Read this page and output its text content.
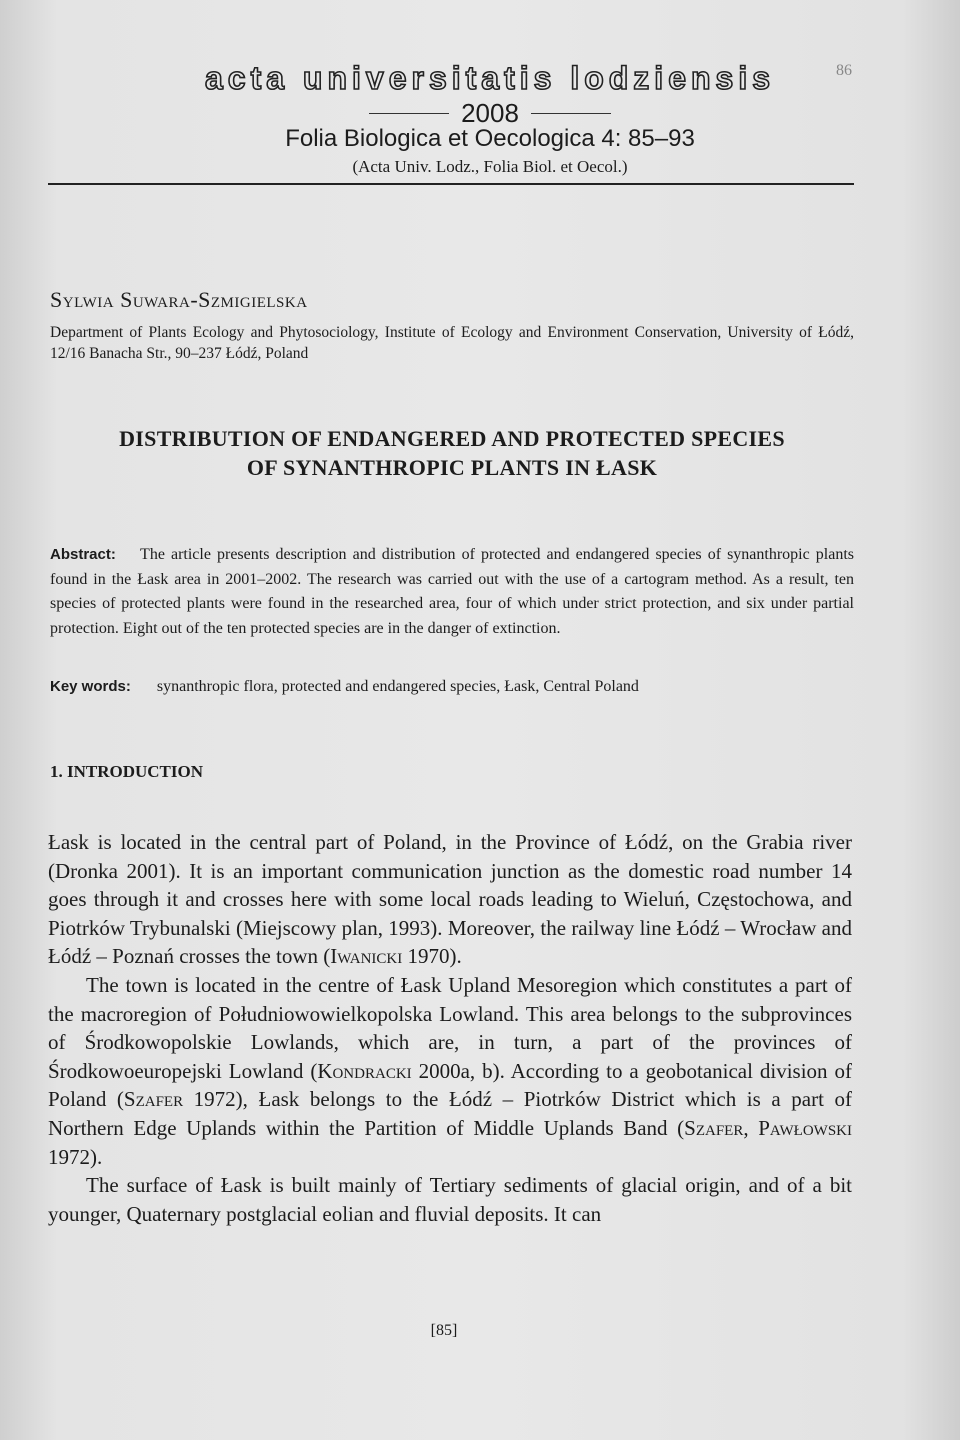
86
acta universitatis lodziensis
2008
Folia Biologica et Oecologica 4: 85–93
(Acta Univ. Lodz., Folia Biol. et Oecol.)
Sylwia Suwara-Szmigielska
Department of Plants Ecology and Phytosociology, Institute of Ecology and Environment Conservation, University of Łódź, 12/16 Banacha Str., 90–237 Łódź, Poland
DISTRIBUTION OF ENDANGERED AND PROTECTED SPECIES
OF SYNANTHROPIC PLANTS IN ŁASK
Abstract: The article presents description and distribution of protected and endangered species of synanthropic plants found in the Łask area in 2001–2002. The research was carried out with the use of a cartogram method. As a result, ten species of protected plants were found in the researched area, four of which under strict protection, and six under partial protection. Eight out of the ten protected species are in the danger of extinction.
Key words: synanthropic flora, protected and endangered species, Łask, Central Poland
1. INTRODUCTION

Łask is located in the central part of Poland, in the Province of Łódź, on the Grabia river (Dronka 2001). It is an important communication junction as the domestic road number 14 goes through it and crosses here with some local roads leading to Wieluń, Częstochowa, and Piotrków Trybunalski (Miejscowy plan, 1993). Moreover, the railway line Łódź – Wrocław and Łódź – Poznań crosses the town (Iwanicki 1970).

The town is located in the centre of Łask Upland Mesoregion which constitutes a part of the macroregion of Południowowielkopolska Lowland. This area belongs to the subprovinces of Środkowopolskie Lowlands, which are, in turn, a part of the provinces of Środkowoeuropejski Lowland (Kondracki 2000a, b). According to a geobotanical division of Poland (Szafer 1972), Łask belongs to the Łódź – Piotrków District which is a part of Northern Edge Uplands within the Partition of Middle Uplands Band (Szafer, Pawłowski 1972).

The surface of Łask is built mainly of Tertiary sediments of glacial origin, and of a bit younger, Quaternary postglacial eolian and fluvial deposits. It can

[85]
